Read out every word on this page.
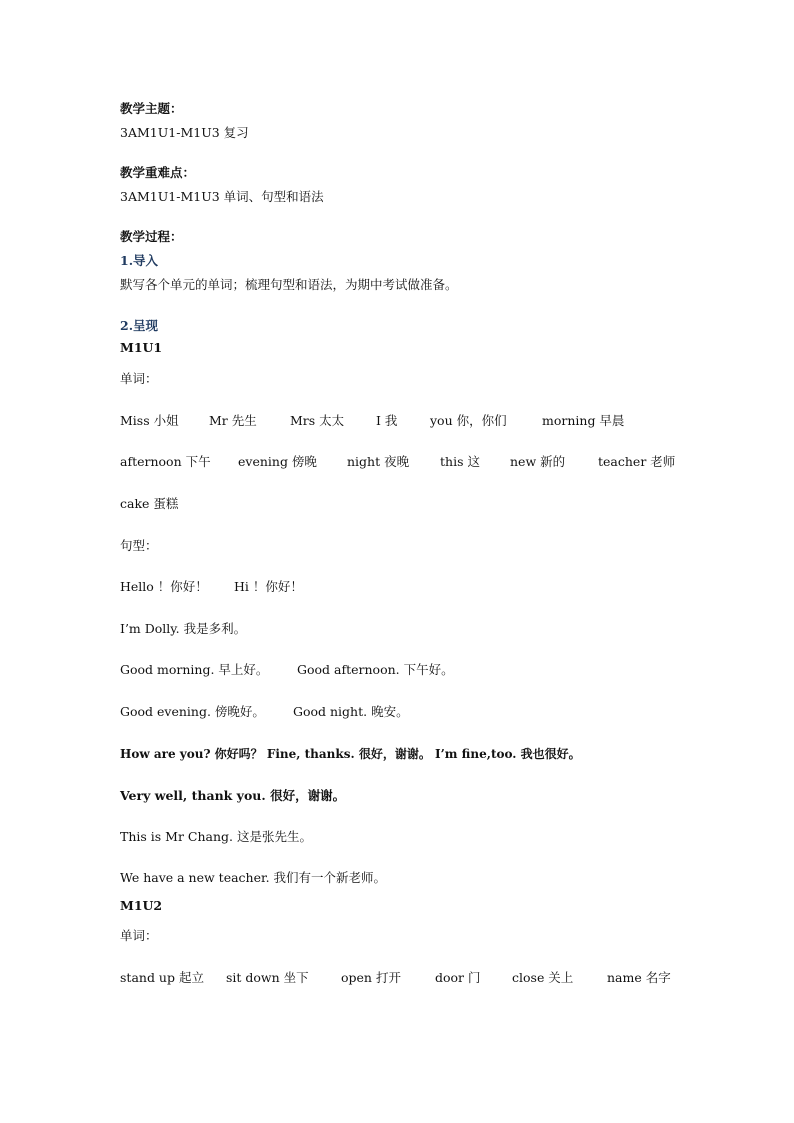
教学主题：
3AM1U1-M1U3 复习
教学重难点：
3AM1U1-M1U3 单词、句型和语法
教学过程：
1.导入
默写各个单元的单词；梳理句型和语法，为期中考试做准备。
2.呈现
M1U1
单词：
Miss 小姐 Mr 先生	Mrs 太太	I 我	you 你，你们	morning 早晨
afternoon 下午 evening 傍晚 night 夜晚 this 这 new 新的	teacher 老师
cake 蛋糕
句型：
Hello ！你好！ Hi ！你好！
I’m Dolly. 我是多利。
Good morning. 早上好。 Good afternoon. 下午好。
Good evening. 傍晚好。 Good night. 晚安。
How are you? 你好吗？ Fine, thanks. 很好，谢谢。 I’m fine,too. 我也很好。
Very well, thank you. 很好，谢谢。
This is Mr Chang. 这是张先生。
We have a new teacher. 我们有一个新老师。
M1U2
单词：
stand up 起立 sit down 坐下	open 打开	door 门	close 关上	name 名字
